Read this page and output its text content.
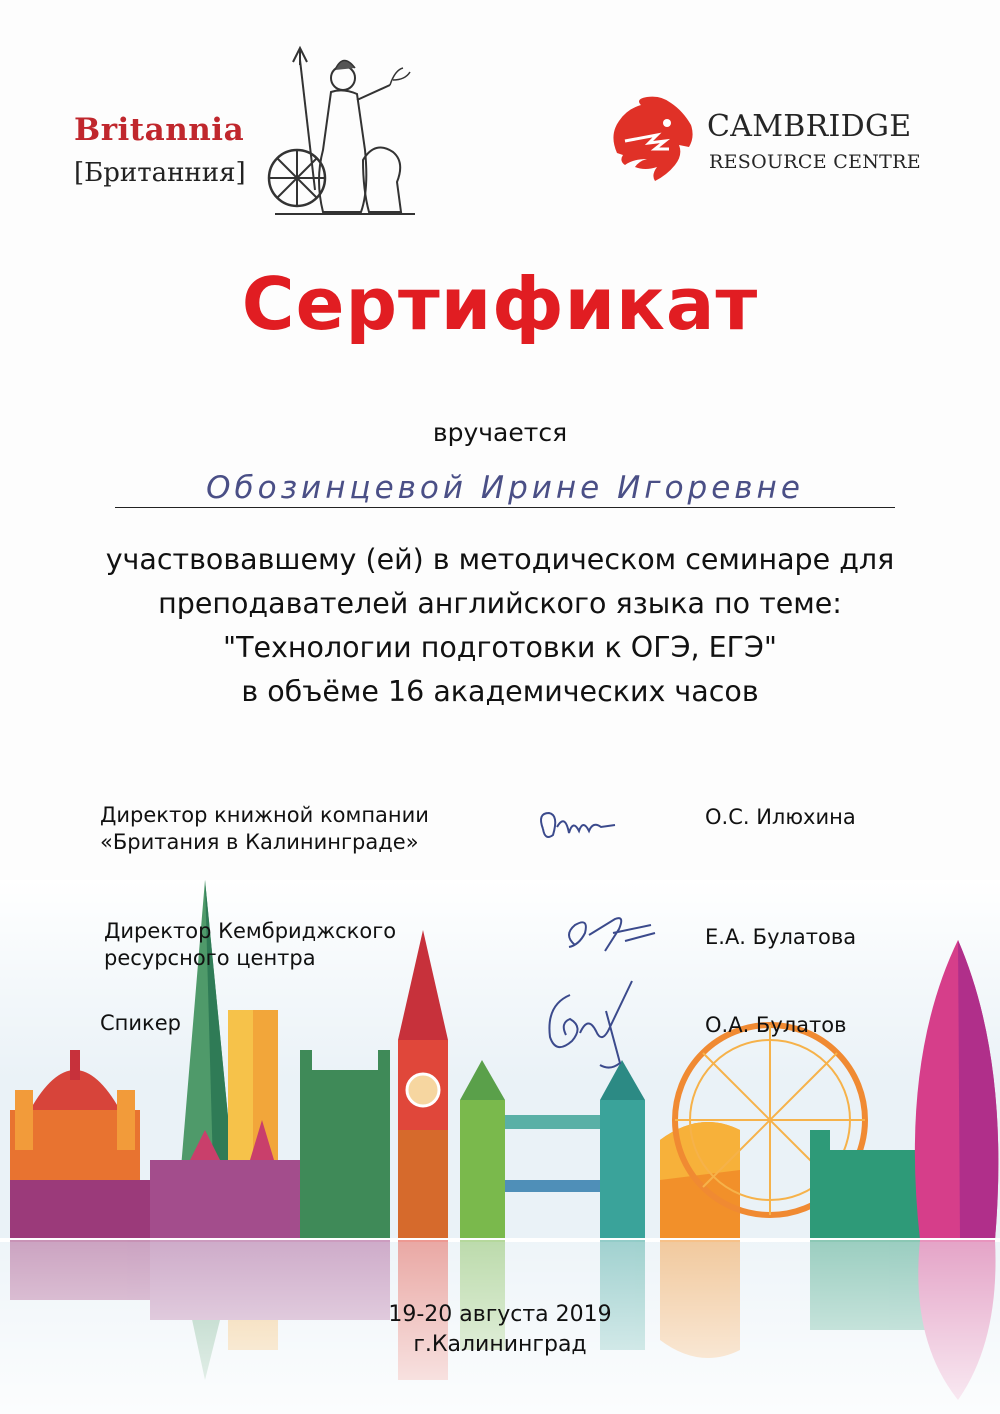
Britannia
[Британния]
CAMBRIDGE
RESOURCE CENTRE
Сертификат
вручается
Обозинцевой Ирине Игоревне
участвовавшему (ей) в методическом семинаре для
преподавателей английского языка по теме:
"Технологии подготовки к ОГЭ, ЕГЭ"
в объёме 16 академических часов
Директор книжной компании
«Британия в Калининграде»
О.С. Илюхина
Директор Кембриджского
ресурсного центра
Е.А. Булатова
Спикер	О.А. Булатов
19-20 августа 2019
г.Калининград
